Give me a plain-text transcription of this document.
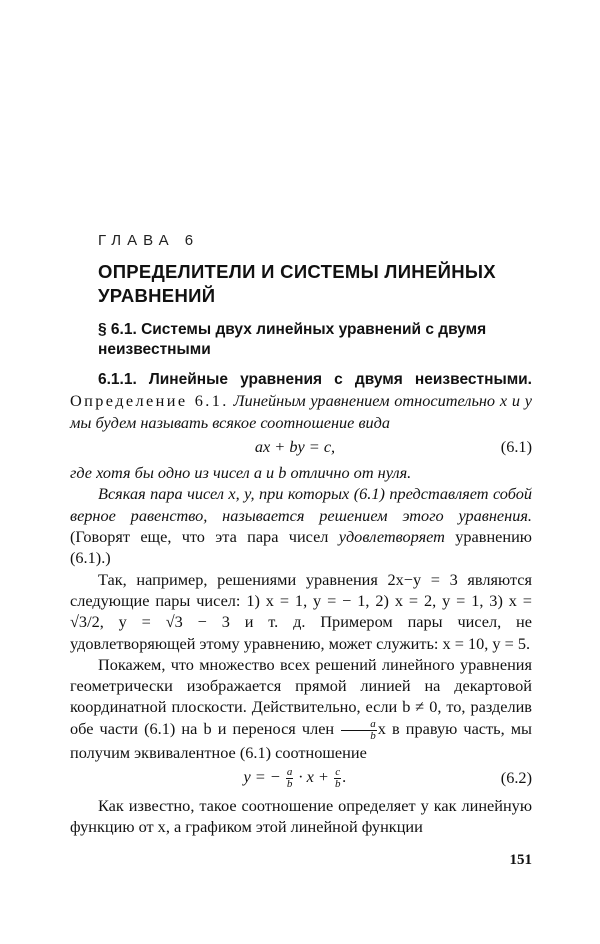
ГЛАВА 6
ОПРЕДЕЛИТЕЛИ И СИСТЕМЫ ЛИНЕЙНЫХ УРАВНЕНИЙ
§ 6.1. Системы двух линейных уравнений с двумя неизвестными

6.1.1. Линейные уравнения с двумя неизвестными. Определение 6.1. Линейным уравнением относительно x и y мы будем называть всякое соотношение вида

ax + by = c,	(6.1)

где хотя бы одно из чисел a и b отлично от нуля.

Всякая пара чисел x, y, при которых (6.1) представляет собой верное равенство, называется решением этого уравнения. (Говорят еще, что эта пара чисел удовлетворяет уравнению (6.1).)

Так, например, решениями уравнения 2x−y = 3 являются следующие пары чисел: 1) x = 1, y = − 1, 2) x = 2, y = 1, 3) x = √3/2, y = √3 − 3 и т. д. Примером пары чисел, не удовлетворяющей этому уравнению, может служить: x = 10, y = 5.

Покажем, что множество всех решений линейного уравнения геометрически изображается прямой линией на декартовой координатной плоскости. Действительно, если b ≠ 0, то, разделив обе части (6.1) на b и перенося член $\frac{a}{b}$ x в правую часть, мы получим эквивалентное (6.1) соотношение

y = − $\frac{a}{b} \cdot x + \frac{c}{b}$ .	(6.2)

Как известно, такое соотношение определяет y как линейную функцию от x, а графиком этой линейной функции

151
